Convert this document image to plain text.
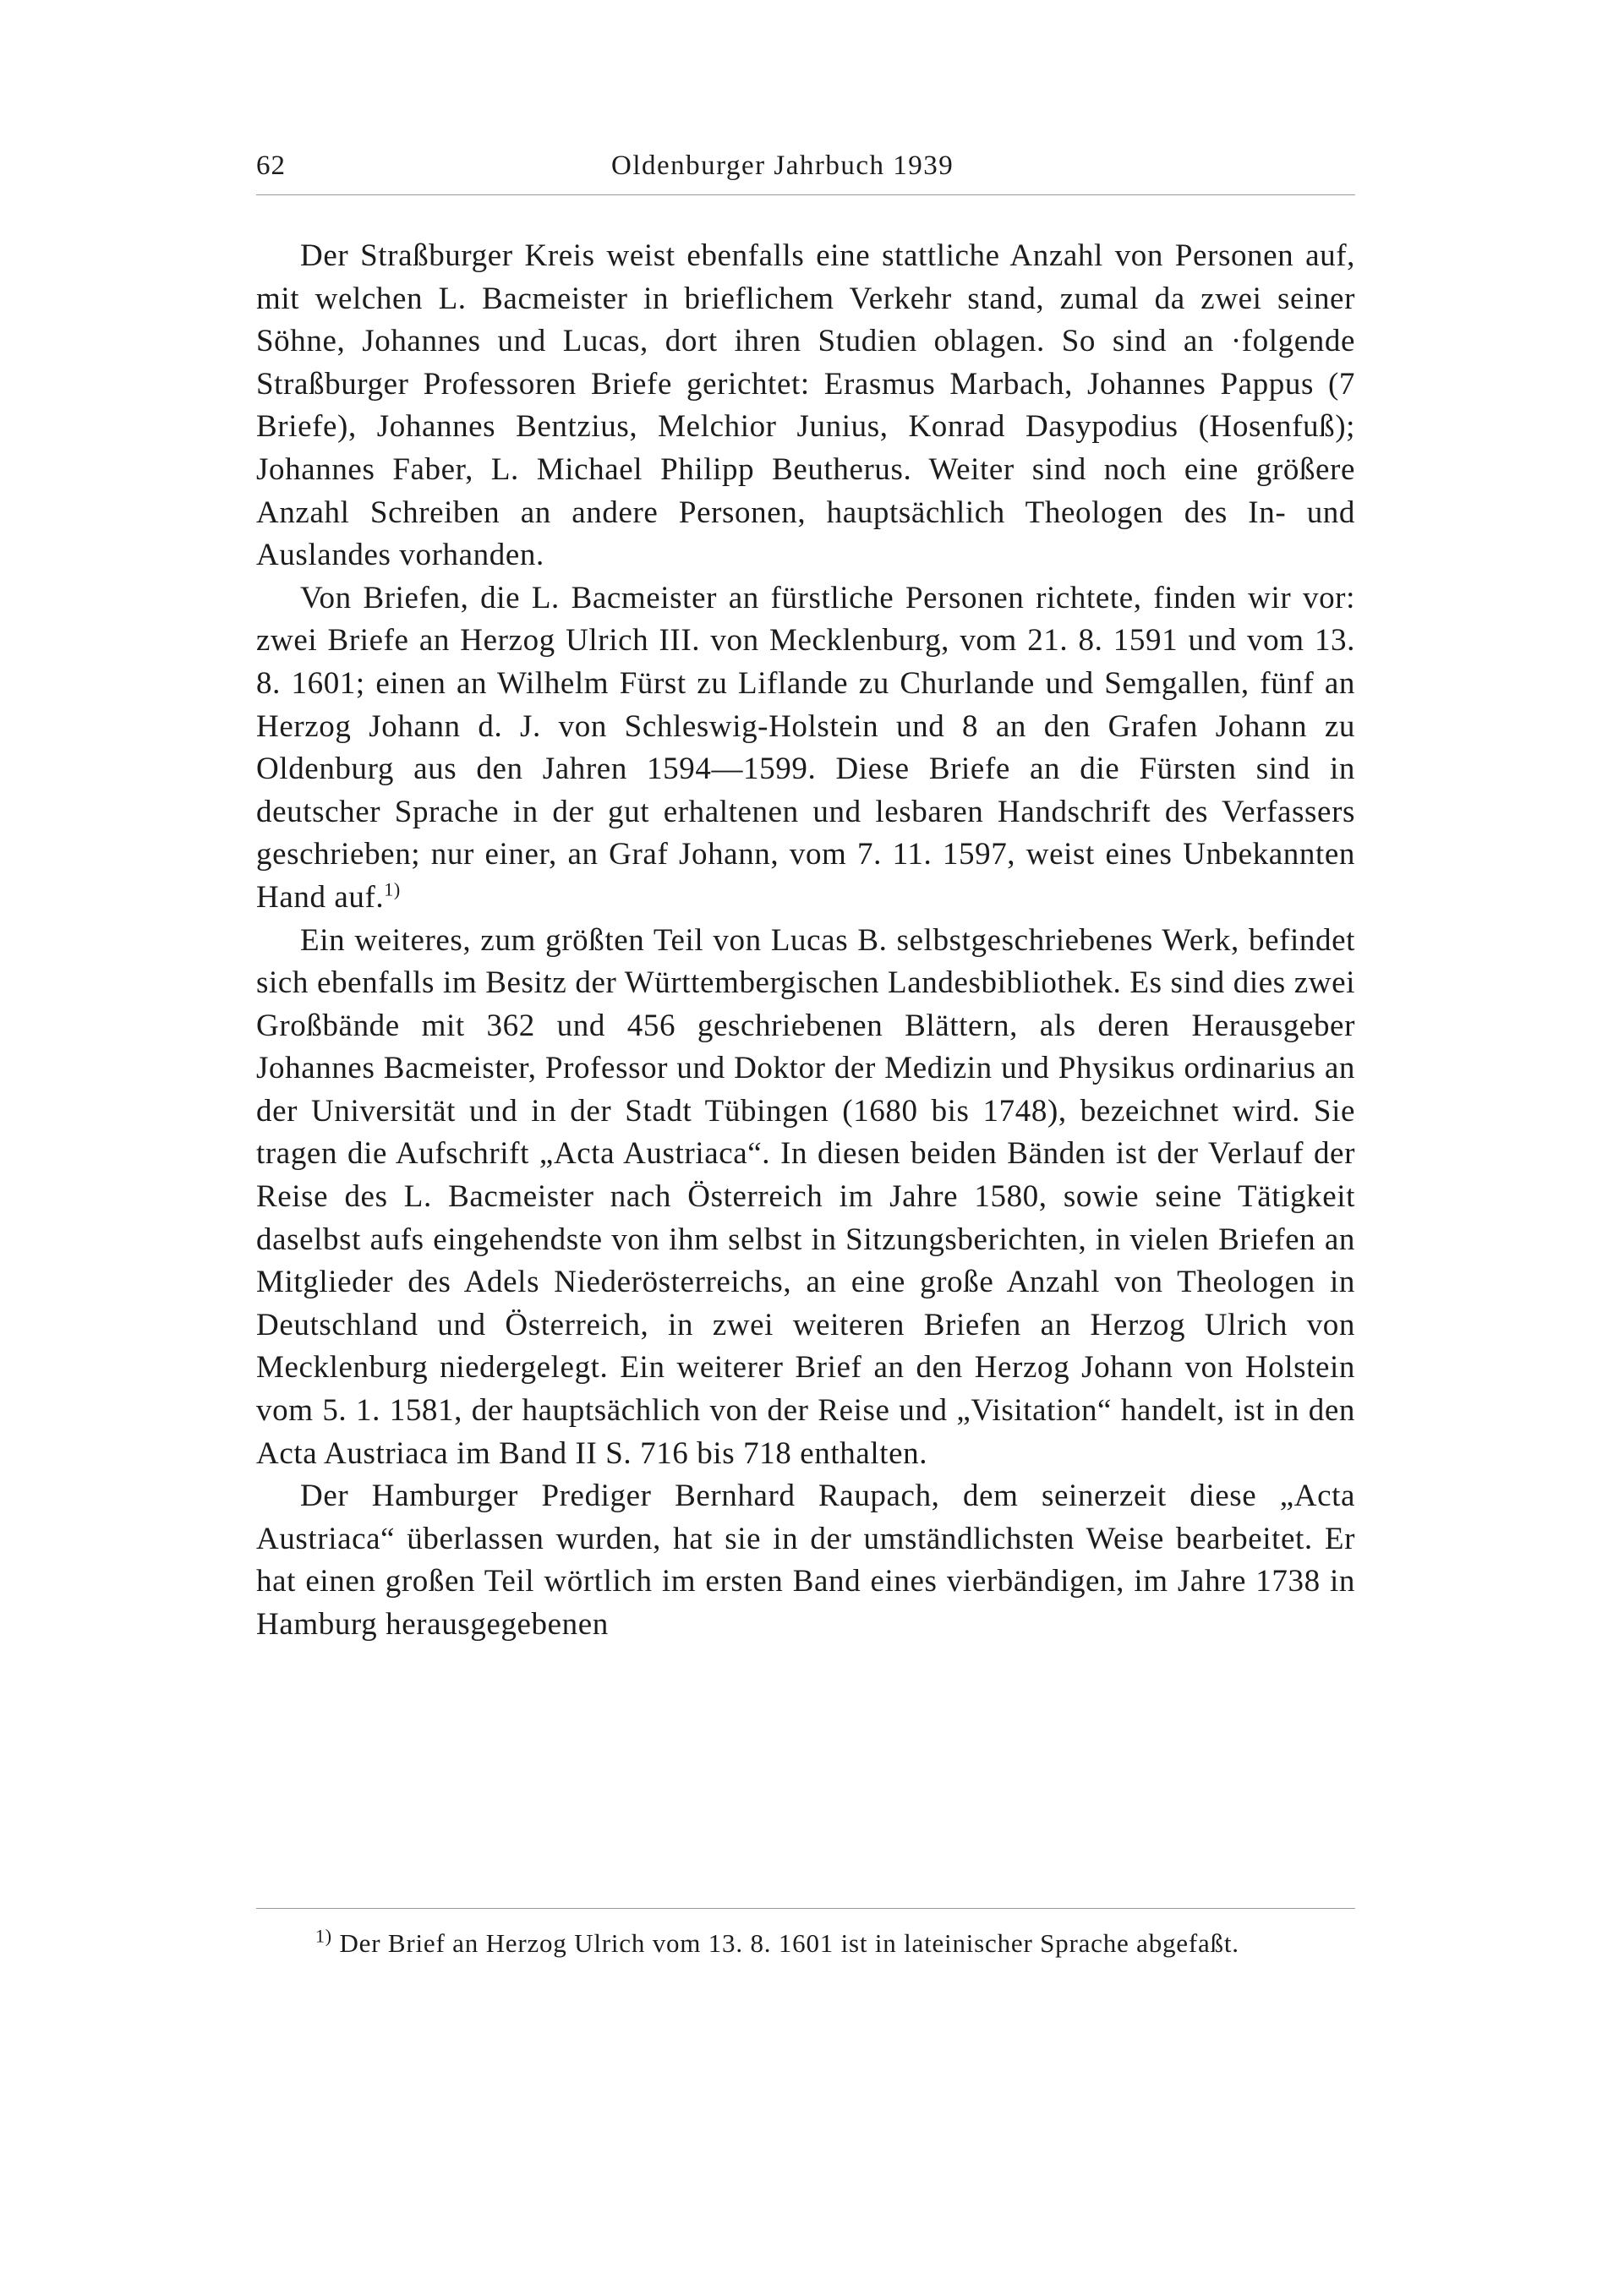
62	Oldenburger Jahrbuch 1939

Der Straßburger Kreis weist ebenfalls eine stattliche Anzahl von Personen auf, mit welchen L. Bacmeister in brieflichem Verkehr stand, zumal da zwei seiner Söhne, Johannes und Lucas, dort ihren Studien oblagen. So sind an ·folgende Straßburger Professoren Briefe gerichtet: Erasmus Marbach, Johannes Pappus (7 Briefe), Johannes Bentzius, Melchior Junius, Konrad Dasypodius (Hosenfuß); Johannes Faber, L. Michael Philipp Beutherus. Weiter sind noch eine größere Anzahl Schreiben an andere Personen, hauptsächlich Theologen des In- und Auslandes vorhanden.

Von Briefen, die L. Bacmeister an fürstliche Personen richtete, finden wir vor: zwei Briefe an Herzog Ulrich III. von Mecklenburg, vom 21. 8. 1591 und vom 13. 8. 1601; einen an Wilhelm Fürst zu Liflande zu Churlande und Semgallen, fünf an Herzog Johann d. J. von Schleswig-Holstein und 8 an den Grafen Johann zu Oldenburg aus den Jahren 1594—1599. Diese Briefe an die Fürsten sind in deutscher Sprache in der gut erhaltenen und lesbaren Handschrift des Verfassers geschrieben; nur einer, an Graf Johann, vom 7. 11. 1597, weist eines Unbekannten Hand auf.$^{1)}$

Ein weiteres, zum größten Teil von Lucas B. selbstgeschriebenes Werk, befindet sich ebenfalls im Besitz der Württembergischen Landesbibliothek. Es sind dies zwei Großbände mit 362 und 456 geschriebenen Blättern, als deren Herausgeber Johannes Bacmeister, Professor und Doktor der Medizin und Physikus ordinarius an der Universität und in der Stadt Tübingen (1680 bis 1748), bezeichnet wird. Sie tragen die Aufschrift „Acta Austriaca“. In diesen beiden Bänden ist der Verlauf der Reise des L. Bacmeister nach Österreich im Jahre 1580, sowie seine Tätigkeit daselbst aufs eingehendste von ihm selbst in Sitzungsberichten, in vielen Briefen an Mitglieder des Adels Niederösterreichs, an eine große Anzahl von Theologen in Deutschland und Österreich, in zwei weiteren Briefen an Herzog Ulrich von Mecklenburg niedergelegt. Ein weiterer Brief an den Herzog Johann von Holstein vom 5. 1. 1581, der hauptsächlich von der Reise und „Visitation“ handelt, ist in den Acta Austriaca im Band II S. 716 bis 718 enthalten.

Der Hamburger Prediger Bernhard Raupach, dem seinerzeit diese „Acta Austriaca“ überlassen wurden, hat sie in der umständlichsten Weise bearbeitet. Er hat einen großen Teil wörtlich im ersten Band eines vierbändigen, im Jahre 1738 in Hamburg herausgegebenen

$^{1)}$ Der Brief an Herzog Ulrich vom 13. 8. 1601 ist in lateinischer Sprache abgefaßt.
